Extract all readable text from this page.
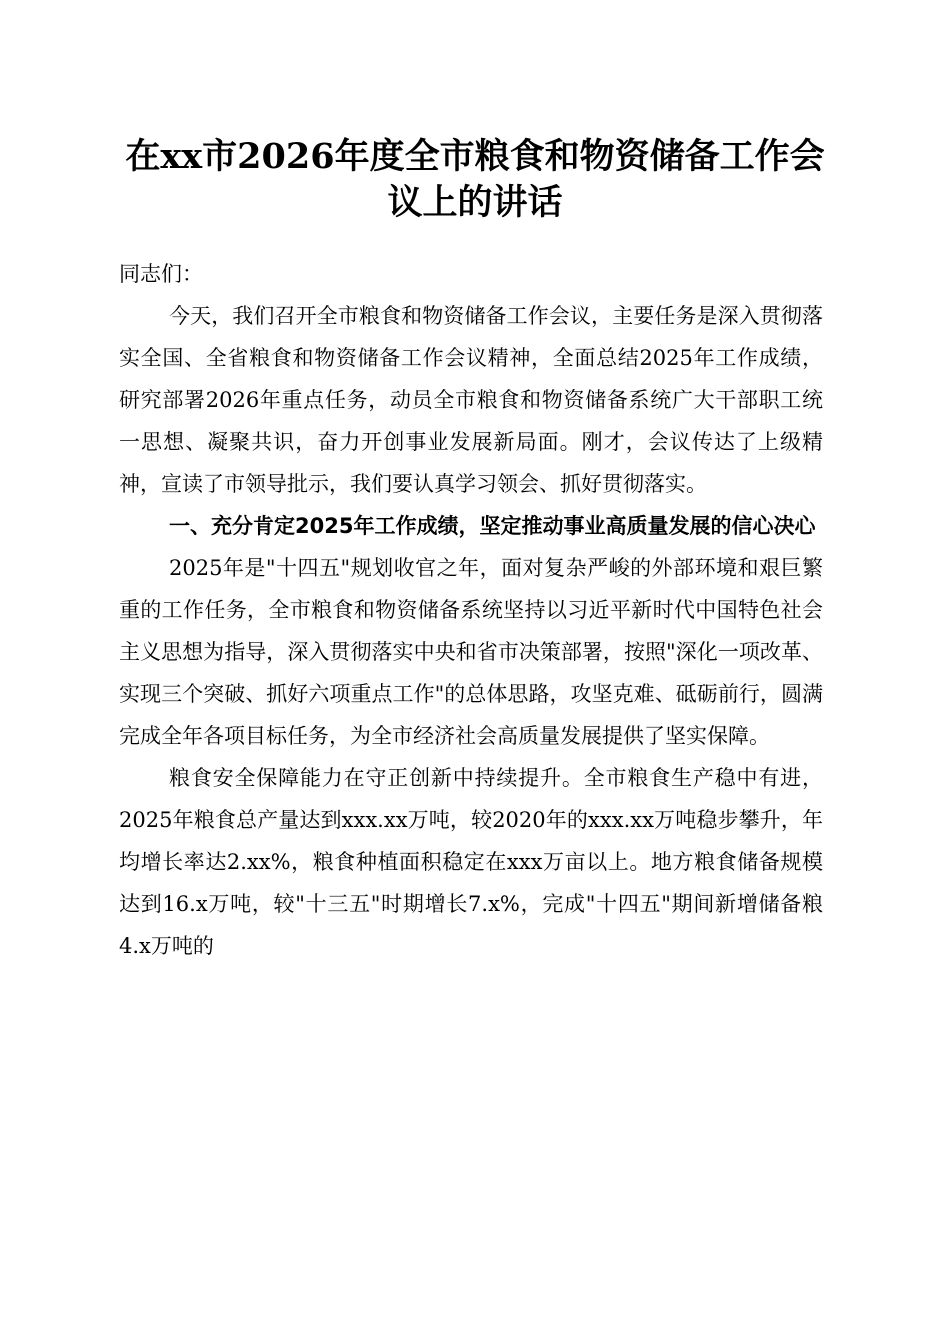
在xx市2026年度全市粮食和物资储备工作会
议上的讲话

同志们：

今天，我们召开全市粮食和物资储备工作会议，主要任务是深入贯彻落实全国、全省粮食和物资储备工作会议精神，全面总结2025年工作成绩，研究部署2026年重点任务，动员全市粮食和物资储备系统广大干部职工统一思想、凝聚共识，奋力开创事业发展新局面。刚才，会议传达了上级精神，宣读了市领导批示，我们要认真学习领会、抓好贯彻落实。

一、充分肯定2025年工作成绩，坚定推动事业高质量发展的信心决心

2025年是"十四五"规划收官之年，面对复杂严峻的外部环境和艰巨繁重的工作任务，全市粮食和物资储备系统坚持以习近平新时代中国特色社会主义思想为指导，深入贯彻落实中央和省市决策部署，按照"深化一项改革、实现三个突破、抓好六项重点工作"的总体思路，攻坚克难、砥砺前行，圆满完成全年各项目标任务，为全市经济社会高质量发展提供了坚实保障。

粮食安全保障能力在守正创新中持续提升。全市粮食生产稳中有进，2025年粮食总产量达到xxx.xx万吨，较2020年的xxx.xx万吨稳步攀升，年均增长率达2.xx%，粮食种植面积稳定在xxx万亩以上。地方粮食储备规模达到16.x万吨，较"十三五"时期增长7.x%，完成"十四五"期间新增储备粮4.x万吨的
